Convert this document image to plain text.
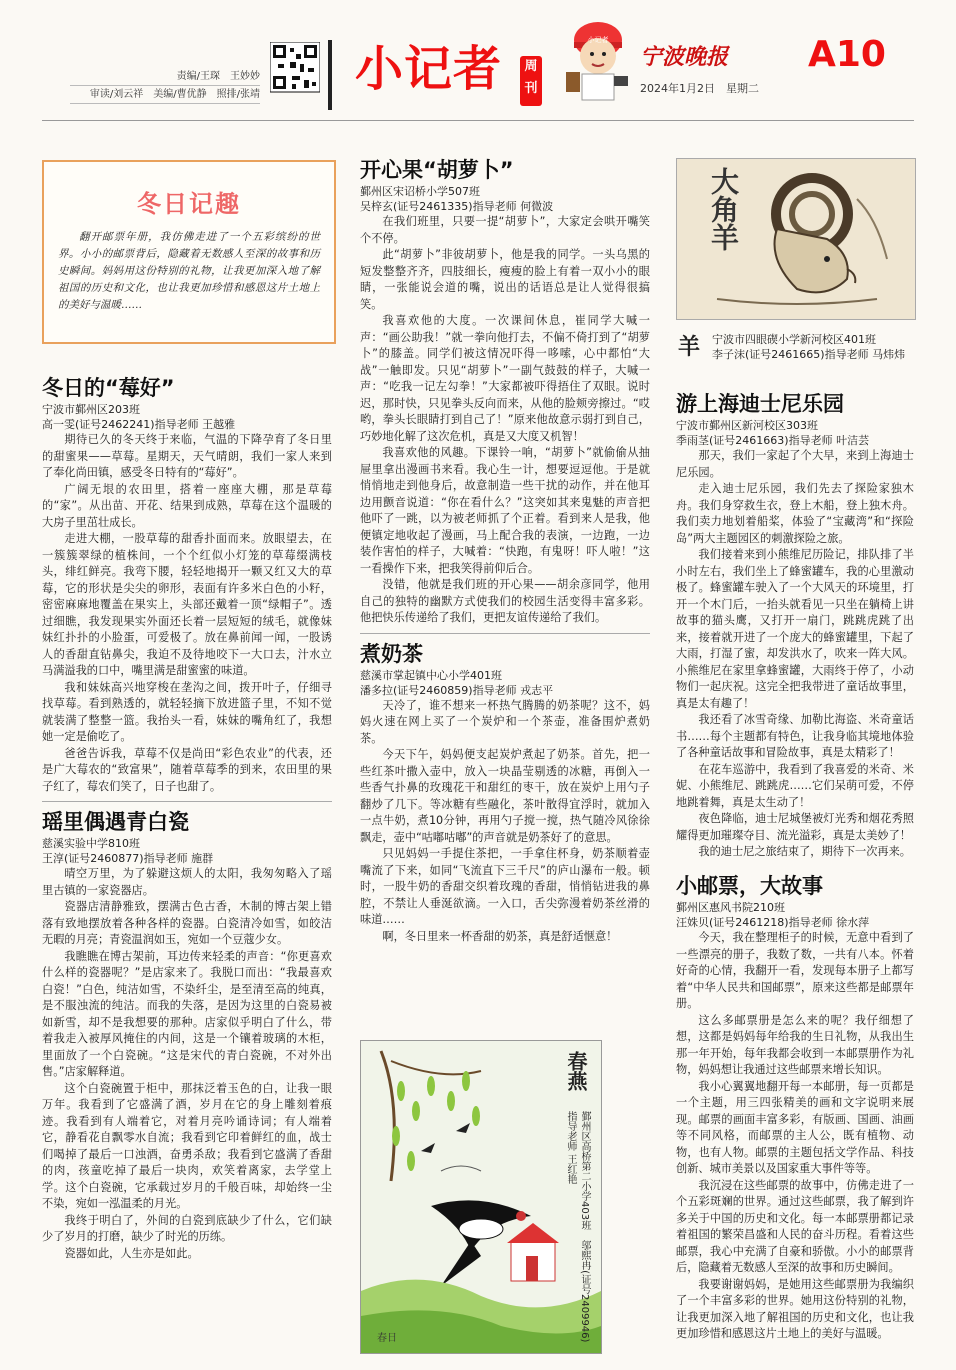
责编/王琛　王妙妙
审读/刘云祥　美编/曹优静　照排/张靖 小记者	周刊
小记者
宁波晚报
2024年1月2日　星期二
A10
冬日记趣
翻开邮票年册，我仿佛走进了一个五彩缤纷的世界。小小的邮票背后，隐藏着无数感人至深的故事和历史瞬间。妈妈用这份特别的礼物，让我更加深入地了解祖国的历史和文化，也让我更加珍惜和感恩这片土地上的美好与温暖……
冬日的“莓好”
宁波市鄞州区203班
高一雯(证号2462241)指导老师 王越雅

期待已久的冬天终于来临，气温的下降孕育了冬日里的甜蜜果——草莓。星期天，天气晴朗，我们一家人来到了奉化尚田镇，感受冬日特有的“莓好”。

广阔无垠的农田里，搭着一座座大棚，那是草莓的“家”。从出苗、开花、结果到成熟，草莓在这个温暖的大房子里茁壮成长。

走进大棚，一股草莓的甜香扑面而来。放眼望去，在一簇簇翠绿的植株间，一个个红似小灯笼的草莓缀满枝头，绯红鲜亮。我弯下腰，轻轻地揭开一颗又红又大的草莓，它的形状是尖尖的卵形，表面有许多米白色的小籽，密密麻麻地覆盖在果实上，头部还戴着一顶“绿帽子”。透过细瞧，我发现果实外面还长着一层短短的绒毛，就像妹妹红扑扑的小脸蛋，可爱极了。放在鼻前闻一闻，一股诱人的香甜直钻鼻尖，我迫不及待地咬下一大口去，汁水立马满溢我的口中，嘴里满是甜蜜蜜的味道。

我和妹妹高兴地穿梭在垄沟之间，拨开叶子，仔细寻找草莓。看到熟透的，就轻轻摘下放进篮子里，不知不觉就装满了整整一篮。我抬头一看，妹妹的嘴角红了，我想她一定是偷吃了。

爸爸告诉我，草莓不仅是尚田“彩色农业”的代表，还是广大莓农的“致富果”，随着草莓季的到来，农田里的果子红了，莓农们笑了，日子也甜了。

瑶里偶遇青白瓷
慈溪实验中学810班
王淳(证号2460877)指导老师 施群

晴空万里，为了躲避这烦人的太阳，我匆匆略入了瑶里古镇的一家瓷器店。

瓷器店清静雅致，摆满古色古香，木制的博古架上错落有致地摆放着各种各样的瓷器。白瓷清冷如雪，如皎洁无暇的月亮；青瓷温润如玉，宛如一个豆蔻少女。

我瞧瞧在博古架前，耳边传来轻柔的声音：“你更喜欢什么样的瓷器呢？”是店家来了。我脱口而出：“我最喜欢白瓷！”白色，纯洁如雪，不染纤尘，是至清至高的纯真，是不服浊流的纯洁。而我的失落，是因为这里的白瓷易被如新雪，却不是我想要的那种。店家似乎明白了什么，带着我走入被厚风掩住的内间，这是一个镶着玻璃的木柜，里面放了一个白瓷碗。“这是宋代的青白瓷碗，不对外出售。”店家解释道。

这个白瓷碗置于柜中，那抹泛着玉色的白，让我一眼万年。我看到了它盛满了酒，岁月在它的身上雕刻着痕迹。我看到有人端着它，对着月亮吟诵诗词；有人端着它，静看花自飘零水自流；我看到它印着鲜红的血，战士们喝掉了最后一口浊酒，奋勇杀敌；我看到它盛满了香甜的肉，孩童吃掉了最后一块肉，欢笑着离家，去学堂上学。这个白瓷碗，它承载过岁月的千般百味，却始终一尘不染，宛如一泓温柔的月光。

我终于明白了，外间的白瓷到底缺少了什么，它们缺少了岁月的打磨，缺少了时光的历练。

瓷器如此，人生亦是如此。

开心果“胡萝卜”
鄞州区宋诏桥小学507班
吴梓玄(证号2461335)指导老师 何微波

在我们班里，只要一提“胡萝卜”，大家定会哄开嘴笑个不停。

此“胡萝卜”非彼胡萝卜，他是我的同学。一头乌黑的短发整整齐齐，四肢细长，瘦瘦的脸上有着一双小小的眼睛，一张能说会道的嘴，说出的话语总是让人觉得很搞笑。

我喜欢他的大度。一次课间休息，崔同学大喊一声：“画公助我！”就一拳向他打去，不偏不倚打到了“胡萝卜”的膝盖。同学们被这情况吓得一哆嗦，心中都怕“大战”一触即发。只见“胡萝卜”一副气鼓鼓的样子，大喊一声：“吃我一记左勾拳！”大家都被吓得捂住了双眼。说时迟，那时快，只见拳头反向而来，从他的脸颊旁擦过。“哎哟，拳头长眼睛打到自己了！”原来他故意示弱打到自己，巧妙地化解了这次危机，真是又大度又机智！

我喜欢他的风趣。下课铃一响，“胡萝卜”就偷偷从抽屉里拿出漫画书来看。我心生一计，想要逗逗他。于是就悄悄地走到他身后，故意制造一些干扰的动作，并在他耳边用颤音说道：“你在看什么？”这突如其来鬼魅的声音把他吓了一跳，以为被老师抓了个正着。看到来人是我，他便镇定地收起了漫画，马上配合我的表演，一边跑，一边装作害怕的样子，大喊着：“快跑，有鬼呀！吓人啦！”这一看操作下来，把我笑得前仰后合。

没错，他就是我们班的开心果——胡余彦同学，他用自己的独特的幽默方式使我们的校园生活变得丰富多彩。他把快乐传递给了我们，更把友谊传递给了我们。

煮奶茶
慈溪市掌起镇中心小学401班
潘多拉(证号2460859)指导老师 戎志平

天冷了，谁不想来一杯热气腾腾的奶茶呢？这不，妈妈火速在网上买了一个炭炉和一个茶壶，准备围炉煮奶茶。

今天下午，妈妈便支起炭炉煮起了奶茶。首先，把一些红茶叶撒入壶中，放入一块晶莹剔透的冰糖，再倒入一些香气扑鼻的玫瑰花干和甜红的枣干，放在炭炉上用勺子翻炒了几下。等冰糖有些融化，茶叶散得宜浮时，就加入一点牛奶，煮10分钟，再用勺子搅一搅，热气随冷风徐徐飘走，壶中“咕嘟咕嘟”的声音就是奶茶好了的意思。

只见妈妈一手提住茶把，一手拿住杯身，奶茶顺着壶嘴流了下来，如同“飞流直下三千尺”的庐山瀑布一般。顿时，一股牛奶的香甜交织着玫瑰的香甜，悄悄钻进我的鼻腔，不禁让人垂涎欲滴。一入口，舌尖弥漫着奶茶丝滑的味道……

啊，冬日里来一杯香甜的奶茶，真是舒适惬意！

春日
春燕
鄞州区高桥第二小学403班　邬熙冉(证号2409946)指导老师 王红艳
大角羊
羊 宁波市四眼碶小学新河校区401班
李子沫(证号2461665)指导老师 马炜炜
游上海迪士尼乐园
宁波市鄞州区新河校区303班
季雨茎(证号2461663)指导老师 叶洁芸

那天，我们一家起了个大早，来到上海迪士尼乐园。

走入迪士尼乐园，我们先去了探险家独木舟。我们身穿救生衣，登上木船，登上独木舟。我们卖力地划着船桨，体验了“宝藏湾”和“探险岛”两大主题园区的刺激探险之旅。

我们接着来到小熊维尼历险记，排队排了半小时左右，我们坐上了蜂蜜罐车，我的心里激动极了。蜂蜜罐车驶入了一个大风天的环境里，打开一个木门后，一抬头就看见一只坐在躺椅上讲故事的猫头鹰，又打开一扇门，跳跳虎跳了出来，接着就开进了一个庞大的蜂蜜罐里，下起了大雨，打湿了蜜，却发洪水了，吹来一阵大风。小熊维尼在家里拿蜂蜜罐，大雨终于停了，小动物们一起庆祝。这完全把我带进了童话故事里，真是太有趣了！

我还看了冰雪奇缘、加勒比海盗、米奇童话书……每个主题都有特色，让我身临其境地体验了各种童话故事和冒险故事，真是太精彩了！

在花车巡游中，我看到了我喜爱的米奇、米妮、小熊维尼、跳跳虎……它们呆萌可爱，不停地跳着舞，真是太生动了！

夜色降临，迪士尼城堡被灯光秀和烟花秀照耀得更加璀璨夺目、流光溢彩，真是太美妙了！

我的迪士尼之旅结束了，期待下一次再来。

小邮票，大故事
鄞州区惠风书院210班
汪姝贝(证号2461218)指导老师 徐水萍

今天，我在整理柜子的时候，无意中看到了一些漂亮的册子，我数了数，一共有八本。怀着好奇的心情，我翻开一看，发现每本册子上都写着“中华人民共和国邮票”，原来这些都是邮票年册。

这么多邮票册是怎么来的呢？我仔细想了想，这都是妈妈每年给我的生日礼物，从我出生那一年开始，每年我都会收到一本邮票册作为礼物，妈妈想让我通过这些邮票来增长知识。

我小心翼翼地翻开每一本邮册，每一页都是一个主题，用三四张精美的画和文字说明来展现。邮票的画面丰富多彩，有版画、国画、油画等不同风格，而邮票的主人公，既有植物、动物，也有人物。邮票的主题包括文学作品、科技创新、城市美景以及国家重大事件等等。

我沉浸在这些邮票的故事中，仿佛走进了一个五彩斑斓的世界。通过这些邮票，我了解到许多关于中国的历史和文化。每一本邮票册都记录着祖国的繁荣昌盛和人民的奋斗历程。看着这些邮票，我心中充满了自豪和骄傲。小小的邮票背后，隐藏着无数感人至深的故事和历史瞬间。

我要谢谢妈妈，是她用这些邮票册为我编织了一个丰富多彩的世界。她用这份特别的礼物，让我更加深入地了解祖国的历史和文化，也让我更加珍惜和感恩这片土地上的美好与温暖。
